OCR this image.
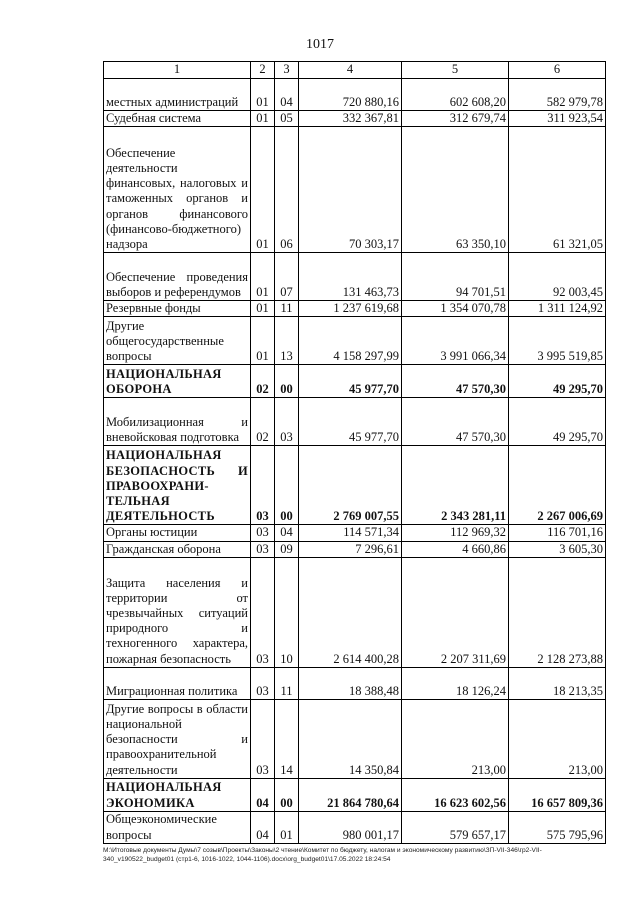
1017
1	2	3	4	5	6
местных администраций	01	04	720 880,16	602 608,20	582 979,78
Судебная система	01	05	332 367,81	312 679,74	311 923,54
Обеспечение деятельности финансовых, налоговых и таможенных органов и органов финансового (финансово-бюджетного) надзора	01	06	70 303,17	63 350,10	61 321,05
Обеспечение проведения выборов и референдумов	01	07	131 463,73	94 701,51	92 003,45
Резервные фонды	01	11	1 237 619,68	1 354 070,78	1 311 124,92
Другие общегосударственные вопросы	01	13	4 158 297,99	3 991 066,34	3 995 519,85
НАЦИОНАЛЬНАЯ ОБОРОНА	02	00	45 977,70	47 570,30	49 295,70
Мобилизационная и вневойсковая подготовка	02	03	45 977,70	47 570,30	49 295,70
НАЦИОНАЛЬНАЯ БЕЗОПАСНОСТЬ И ПРАВООХРАНИ-ТЕЛЬНАЯ ДЕЯТЕЛЬНОСТЬ	03	00	2 769 007,55	2 343 281,11	2 267 006,69
Органы юстиции	03	04	114 571,34	112 969,32	116 701,16
Гражданская оборона	03	09	7 296,61	4 660,86	3 605,30
Защита населения и территории от чрезвычайных ситуаций природного и техногенного характера, пожарная безопасность	03	10	2 614 400,28	2 207 311,69	2 128 273,88
Миграционная политика	03	11	18 388,48	18 126,24	18 213,35
Другие вопросы в области национальной безопасности и правоохранительной деятельности	03	14	14 350,84	213,00	213,00
НАЦИОНАЛЬНАЯ ЭКОНОМИКА	04	00	21 864 780,64	16 623 602,56	16 657 809,36
Общеэкономические вопросы	04	01	980 001,17	579 657,17	575 795,96
M:\Итоговые документы Думы\7 созыв\Проекты\Законы\2 чтение\Комитет по бюджету, налогам и экономическому развитию\ЗП-VII-346\гр2-VII-340_v190522_budget01 (стр1-6, 1016-1022, 1044-1106).docx\org_budget01\17.05.2022 18:24:54
